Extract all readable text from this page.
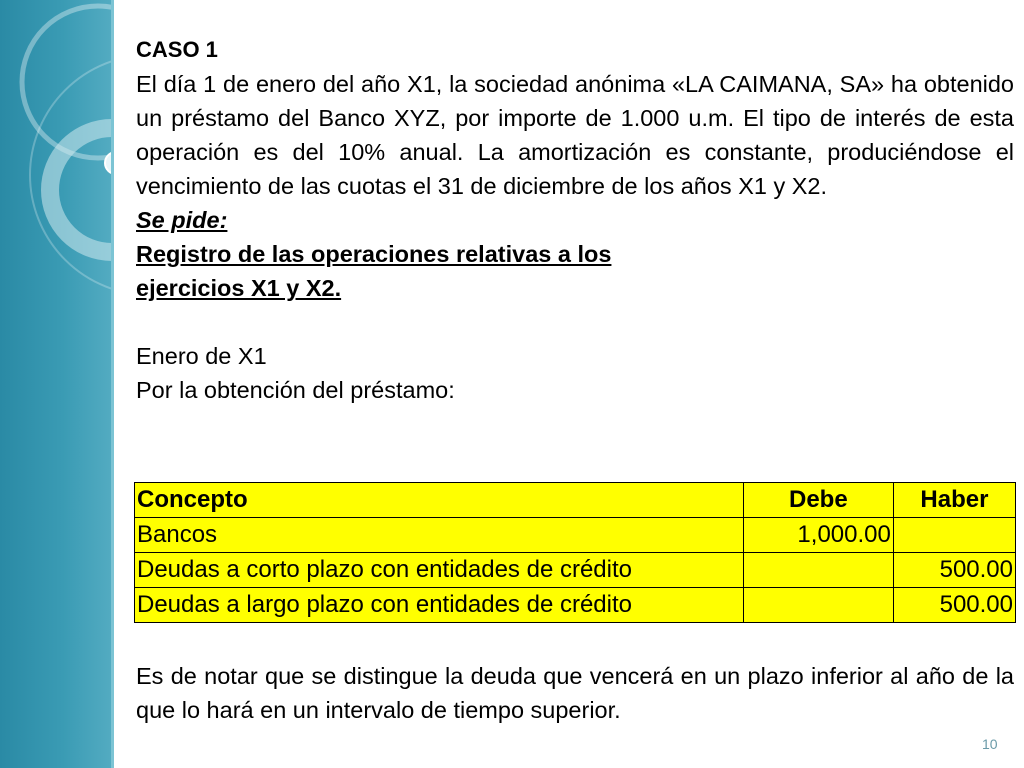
CASO 1
El día 1 de enero del año X1, la sociedad anónima «LA CAIMANA, SA» ha obtenido un préstamo del Banco XYZ, por importe de 1.000 u.m. El tipo de interés de esta operación es del 10% anual. La amortización es constante, produciéndose el vencimiento de las cuotas el 31 de diciembre de los años X1 y X2.
Se pide:
Registro de las operaciones relativas a los
ejercicios X1 y X2.
Enero de X1
Por la obtención del préstamo:
Concepto	Debe	Haber
Bancos	1,000.00	
Deudas a corto plazo con entidades de crédito		500.00
Deudas a largo plazo con entidades de crédito		500.00
Es de notar que se distingue la deuda que vencerá en un plazo inferior al año de la que lo hará en un intervalo de tiempo superior.
10
